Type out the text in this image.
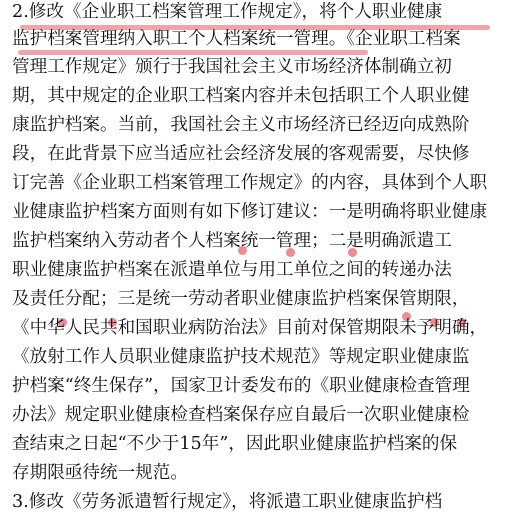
2.修改《企业职工档案管理工作规定》，将个人职业健康
监护档案管理纳入职工个人档案统一管理。《企业职工档案
管理工作规定》颁行于我国社会主义市场经济体制确立初
期，其中规定的企业职工档案内容并未包括职工个人职业健
康监护档案。当前，我国社会主义市场经济已经迈向成熟阶
段，在此背景下应当适应社会经济发展的客观需要，尽快修
订完善《企业职工档案管理工作规定》的内容，具体到个人职
业健康监护档案方面则有如下修订建议：一是明确将职业健康
监护档案纳入劳动者个人档案统一管理；二是明确派遣工
职业健康监护档案在派遣单位与用工单位之间的转递办法
及责任分配；三是统一劳动者职业健康监护档案保管期限，
《中华人民共和国职业病防治法》目前对保管期限未予明确，
《放射工作人员职业健康监护技术规范》等规定职业健康监
护档案“终生保存”，国家卫计委发布的《职业健康检查管理
办法》规定职业健康检查档案保存应自最后一次职业健康检
查结束之日起“不少于15年”，因此职业健康监护档案的保
存期限亟待统一规范。
3.修改《劳务派遣暂行规定》，将派遣工职业健康监护档
